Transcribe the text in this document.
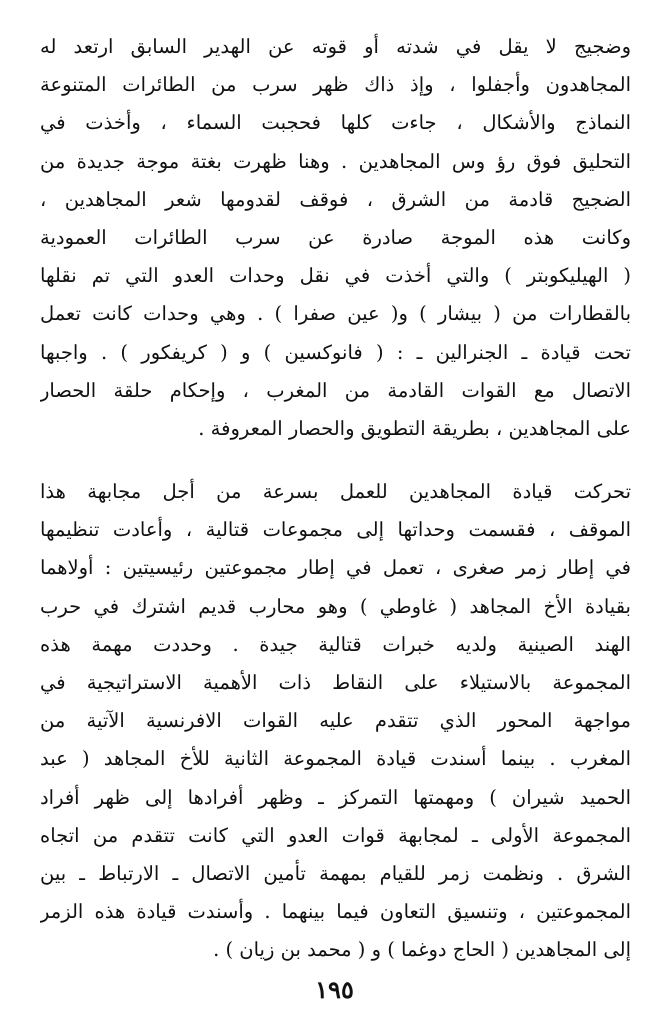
وضجيج لا يقل في شدته أو قوته عن الهدير السابق ارتعد له
المجاهدون وأجفلوا ، وإذ ذاك ظهر سرب من الطائرات المتنوعة
النماذج والأشكال ، جاءت كلها فحجبت السماء ، وأخذت في
التحليق فوق رؤ وس المجاهدين . وهنا ظهرت بغتة موجة جديدة من
الضجيج قادمة من الشرق ، فوقف لقدومها شعر المجاهدين ،
وكانت هذه الموجة صادرة عن سرب الطائرات العمودية
( الهيليكوبتر ) والتي أخذت في نقل وحدات العدو التي تم نقلها
بالقطارات من ( بيشار ) و( عين صفرا ) . وهي وحدات كانت تعمل
تحت قيادة ـ الجنرالين ـ : ( فانوكسين ) و ( كريفكور ) . واجبها
الاتصال مع القوات القادمة من المغرب ، وإحكام حلقة الحصار
على المجاهدين ، بطريقة التطويق والحصار المعروفة .
تحركت قيادة المجاهدين للعمل بسرعة من أجل مجابهة هذا
الموقف ، فقسمت وحداتها إلى مجموعات قتالية ، وأعادت تنظيمها
في إطار زمر صغرى ، تعمل في إطار مجموعتين رئيسيتين : أولاهما
بقيادة الأخ المجاهد ( غاوطي ) وهو محارب قديم اشترك في حرب
الهند الصينية ولديه خبرات قتالية جيدة . وحددت مهمة هذه
المجموعة بالاستيلاء على النقاط ذات الأهمية الاستراتيجية في
مواجهة المحور الذي تتقدم عليه القوات الافرنسية الآتية من
المغرب . بينما أسندت قيادة المجموعة الثانية للأخ المجاهد ( عبد
الحميد شيران ) ومهمتها التمركز ـ وظهر أفرادها إلى ظهر أفراد
المجموعة الأولى ـ لمجابهة قوات العدو التي كانت تتقدم من اتجاه
الشرق . ونظمت زمر للقيام بمهمة تأمين الاتصال ـ الارتباط ـ بين
المجموعتين ، وتنسيق التعاون فيما بينهما . وأسندت قيادة هذه الزمر
إلى المجاهدين ( الحاج دوغما ) و ( محمد بن زيان ) .
١٩٥
